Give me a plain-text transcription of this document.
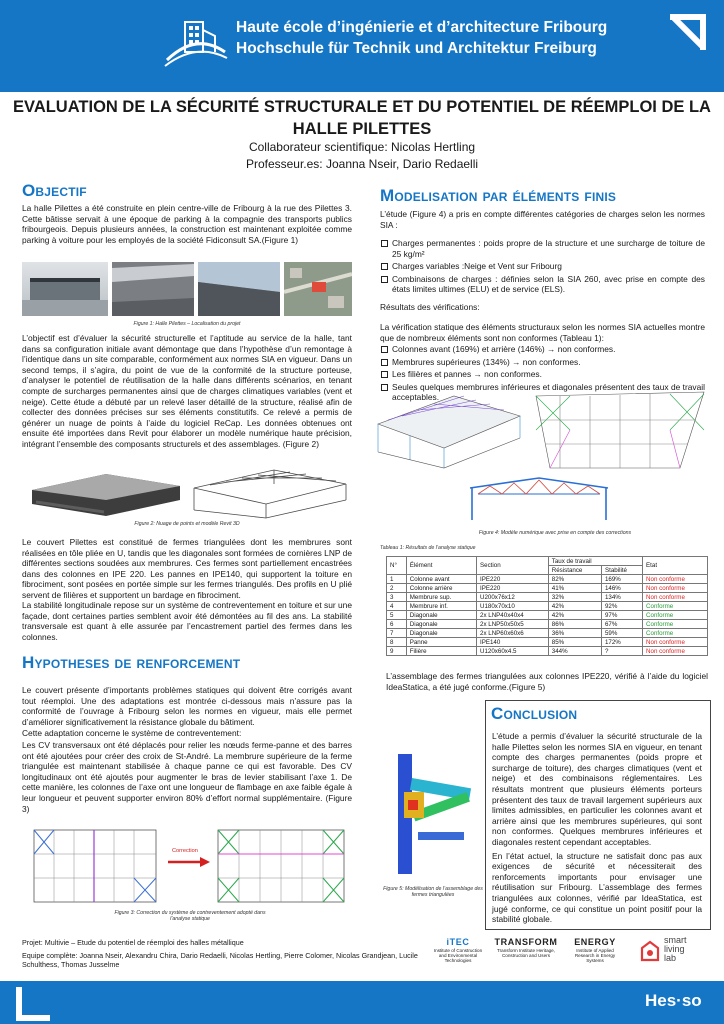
Haute école d’ingénierie et d’architecture Fribourg
Hochschule für Technik und Architektur Freiburg
EVALUATION DE LA SÉCURITÉ STRUCTURALE ET DU POTENTIEL DE RÉEMPLOI DE LA HALLE PILETTES
Collaborateur scientifique: Nicolas Hertling
Professeur.es: Joanna Nseir, Dario Redaelli
Objectif
La halle Pilettes a été construite en plein centre-ville de Fribourg à la rue des Pilettes 3. Cette bâtisse servait à une époque de parking à la compagnie des transports publics fribourgeois. Depuis plusieurs années, la construction est maintenant exploitée comme parking à voiture pour les employés de la société Fidiconsult SA.(Figure 1)
Figure 1: Halle Pilettes – Localisation du projet
L’objectif est d’évaluer la sécurité structurelle et l’aptitude au service de la halle, tant dans sa configuration initiale avant démontage que dans l’hypothèse d’un remontage à l’identique dans un site comparable, conformément aux normes SIA en vigueur. Dans un second temps, il s’agira, du point de vue de la conformité de la structure porteuse, d’analyser le potentiel de réutilisation de la halle dans différents scénarios, en tenant compte de surcharges permanentes ainsi que de charges climatiques variables (vent et neige). Cette étude a débuté par un relevé laser détaillé de la structure, réalisé afin de collecter des données précises sur ses éléments constitutifs. Ce relevé a permis de générer un nuage de points à l’aide du logiciel ReCap. Les données obtenues ont ensuite été importées dans Revit pour élaborer un modèle numérique haute précision, intégrant l’ensemble des composants structurels et des assemblages. (Figure 2)
Figure 2: Nuage de points et modèle Revit 3D
Le couvert Pilettes est constitué de fermes triangulées dont les membrures sont réalisées en tôle pliée en U, tandis que les diagonales sont formées de cornières LNP de différentes sections soudées aux membrures. Ces fermes sont partiellement encastrées dans des colonnes en IPE 220. Les pannes en IPE140, qui supportent la toiture en fibrociment, sont posées en portée simple sur les fermes triangulés. Des profils en U plié servent de filières et supportent un bardage en fibrociment.
La stabilité longitudinale repose sur un système de contreventement en toiture et sur une façade, dont certaines parties semblent avoir été démontées au fil des ans. La stabilité transversale est quant à elle assurée par l’encastrement partiel des fermes dans les colonnes.
Hypotheses de renforcement
Le couvert présente d’importants problèmes statiques qui doivent être corrigés avant tout réemploi. Une des adaptations est montrée ci-dessous mais n’assure pas la conformité de l’ouvrage à Fribourg selon les normes en vigueur, mais elle permet d’améliorer significativement la résistance globale du bâtiment.
Cette adaptation concerne le système de contreventement:
Les CV transversaux ont été déplacés pour relier les nœuds ferme-panne et des barres ont été ajoutées pour créer des croix de St-André. La membrure supérieure de la ferme triangulée est maintenant stabilisée à chaque panne ce qui est favorable. Des CV longitudinaux ont été ajoutés pour augmenter le bras de levier stabilisant l’axe 1. De cette manière, les colonnes de l’axe ont une longueur de flambage en axe faible égale à leur longueur et peuvent supporter environ 80% d’effort normal supplémentaire. (Figure 3)
Correction
Figure 3: Correction du système de contreventement adopté dans l’analyse statique
Modelisation par éléments finis
L’étude (Figure 4) a pris en compte différentes catégories de charges selon les normes SIA :
Charges permanentes : poids propre de la structure et une surcharge de toiture de 25 kg/m²
Charges variables :Neige et Vent sur Fribourg
Combinaisons de charges : définies selon la SIA 260, avec prise en compte des états limites ultimes (ELU) et de service (ELS).
Résultats des vérifications:
La vérification statique des éléments structuraux selon les normes SIA actuelles montre que de nombreux éléments sont non conformes (Tableau 1):
Colonnes avant (169%) et arrière (146%) → non conformes.
Membrures supérieures (134%) → non conformes.
Les filières et pannes → non conformes.
Seules quelques membrures inférieures et diagonales présentent des taux de travail acceptables.
Figure 4: Modèle numérique avec prise en compte des corrections
Tableau 1: Résultats de l’analyse statique
N°	Élément	Section	Taux de travail		Etat
			Résistance	Stabilité	
1	Colonne avant	IPE220	82%	169%	Non conforme
2	Colonne arrière	IPE220	41%	146%	Non conforme
3	Membrure sup.	U200x76x12	32%	134%	Non conforme
4	Membrure inf.	U180x70x10	42%	92%	Conforme
5	Diagonale	2x LNP40x40x4	42%	97%	Conforme
6	Diagonale	2x LNP50x50x5	86%	67%	Conforme
7	Diagonale	2x LNP60x60x6	36%	59%	Conforme
8	Panne	IPE140	85%	172%	Non conforme
9	Filière	U120x60x4.5	344%	?	Non conforme
L’assemblage des fermes triangulées aux colonnes IPE220, vérifié à l’aide du logiciel IdeaStatica, a été jugé conforme.(Figure 5)
Figure 5: Modélisation de l’assemblage des fermes triangulées
Conclusion

L’étude a permis d’évaluer la sécurité structurale de la halle Pilettes selon les normes SIA en vigueur, en tenant compte des charges permanentes (poids propre et surcharge de toiture), des charges climatiques (vent et neige) et des combinaisons réglementaires. Les résultats montrent que plusieurs éléments porteurs présentent des taux de travail largement supérieurs aux limites admissibles, en particulier les colonnes avant et arrière ainsi que les membrures supérieures, qui sont non conformes. Quelques membrures inférieures et diagonales restent cependant acceptables.

En l’état actuel, la structure ne satisfait donc pas aux exigences de sécurité et nécessiterait des renforcements importants pour envisager une réutilisation sur Fribourg. L’assemblage des fermes triangulées aux colonnes, vérifié par IdeaStatica, est jugé conforme, ce qui constitue un point positif pour la stabilité globale.

Projet: Multivie – Etude du potentiel de réemploi des halles métallique
Equipe complète: Joanna Nseir, Alexandru Chira, Dario Redaelli, Nicolas Hertling, Pierre Colomer, Nicolas Grandjean, Lucile Schulthess, Thomas Jusselme
iTEC
Institute of Construction and Environmental Technologies
TRANSFORM
Transform Institute Heritage, Construction and Users
ENERGY
Institute of Applied Research in Energy Systems
smart
living
lab
Hes·so
